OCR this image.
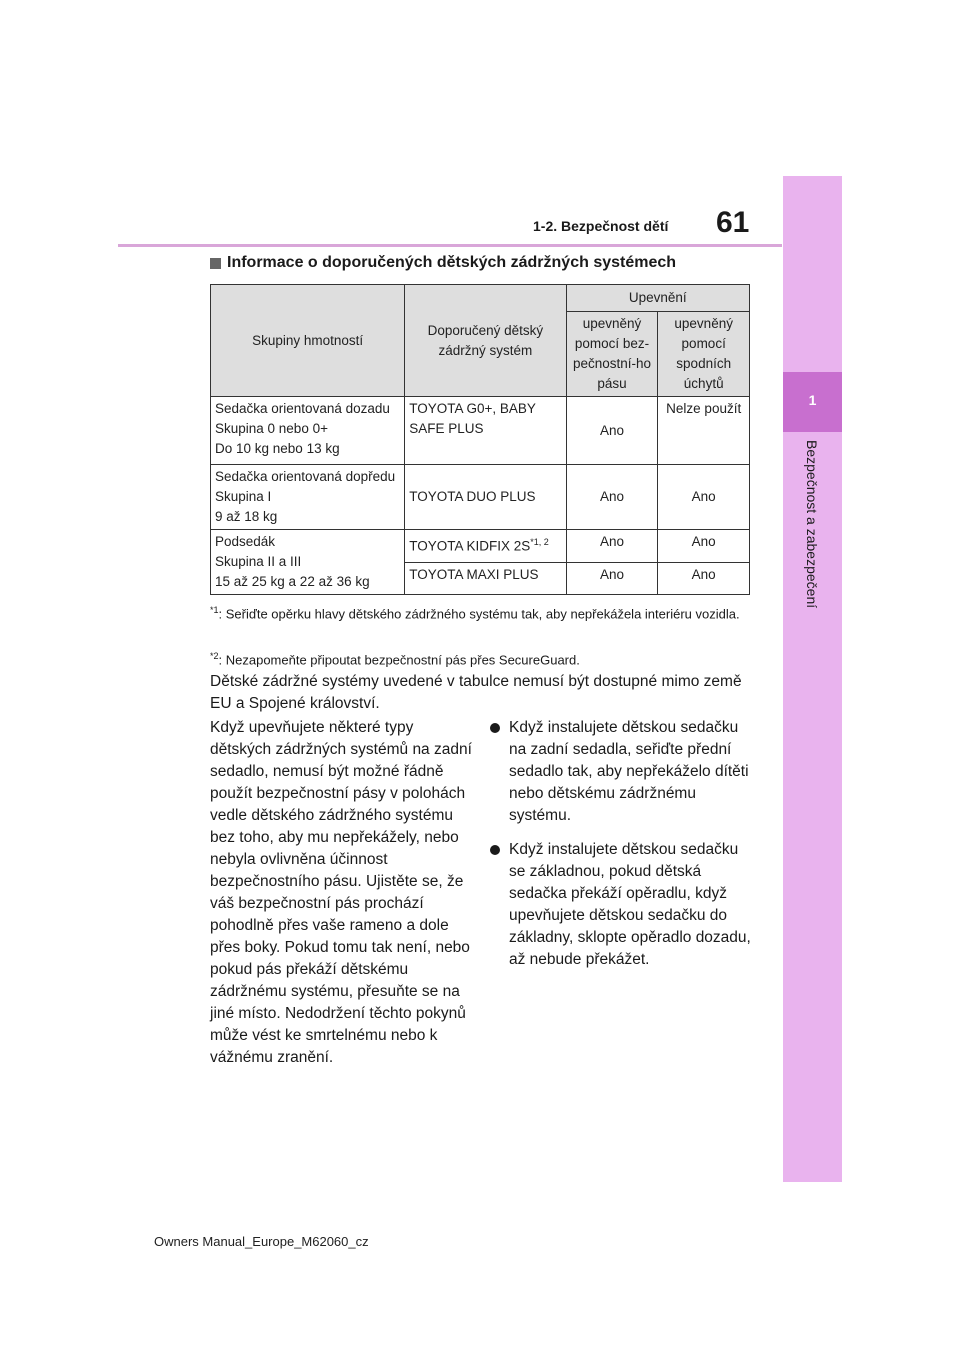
1-2. Bezpečnost dětí 61
1
Bezpečnost a zabezpečení
Informace o doporučených dětských zádržných systémech
Skupiny hmotností	Doporučený dětský zádržný systém	Upevnění	
		upevněný pomocí bez-pečnostní-ho pásu	upevněný pomocí spodních úchytů

Sedačka orientovaná dozadu
Skupina 0 nebo 0+
Do 10 kg nebo 13 kg	TOYOTA G0+, BABY SAFE PLUS	Ano	Nelze použít

Sedačka orientovaná dopředu
Skupina I
9 až 18 kg	TOYOTA DUO PLUS	Ano	Ano

Podsedák
Skupina II a III
15 až 25 kg a 22 až 36 kg	TOYOTA KIDFIX $2S^{*1, 2}$	Ano	Ano
	TOYOTA MAXI PLUS	Ano	Ano
$^{*1}$: Seřiďte opěrku hlavy dětského zádržného systému tak, aby nepřekážela interiéru vozidla.
$^{*2}$: Nezapomeňte připoutat bezpečnostní pás přes SecureGuard.
Dětské zádržné systémy uvedené v tabulce nemusí být dostupné mimo země EU a Spojené království.

Když upevňujete některé typy dětských zádržných systémů na zadní sedadlo, nemusí být možné řádně použít bezpečnostní pásy v polohách vedle dětského zádržného systému bez toho, aby mu nepřekážely, nebo nebyla ovlivněna účinnost bezpečnostního pásu. Ujistěte se, že váš bezpečnostní pás prochází pohodlně přes vaše rameno a dole přes boky. Pokud tomu tak není, nebo pokud pás překáží dětskému zádržnému systému, přesuňte se na jiné místo. Nedodržení těchto pokynů může vést ke smrtelnému nebo k vážnému zranění.

Když instalujete dětskou sedačku na zadní sedadla, seřiďte přední sedadlo tak, aby nepřekáželo dítěti nebo dětskému zádržnému systému.
Když instalujete dětskou sedačku se základnou, pokud dětská sedačka překáží opěradlu, když upevňujete dětskou sedačku do základny, sklopte opěradlo dozadu, až nebude překážet.
Owners Manual_Europe_M62060_cz
